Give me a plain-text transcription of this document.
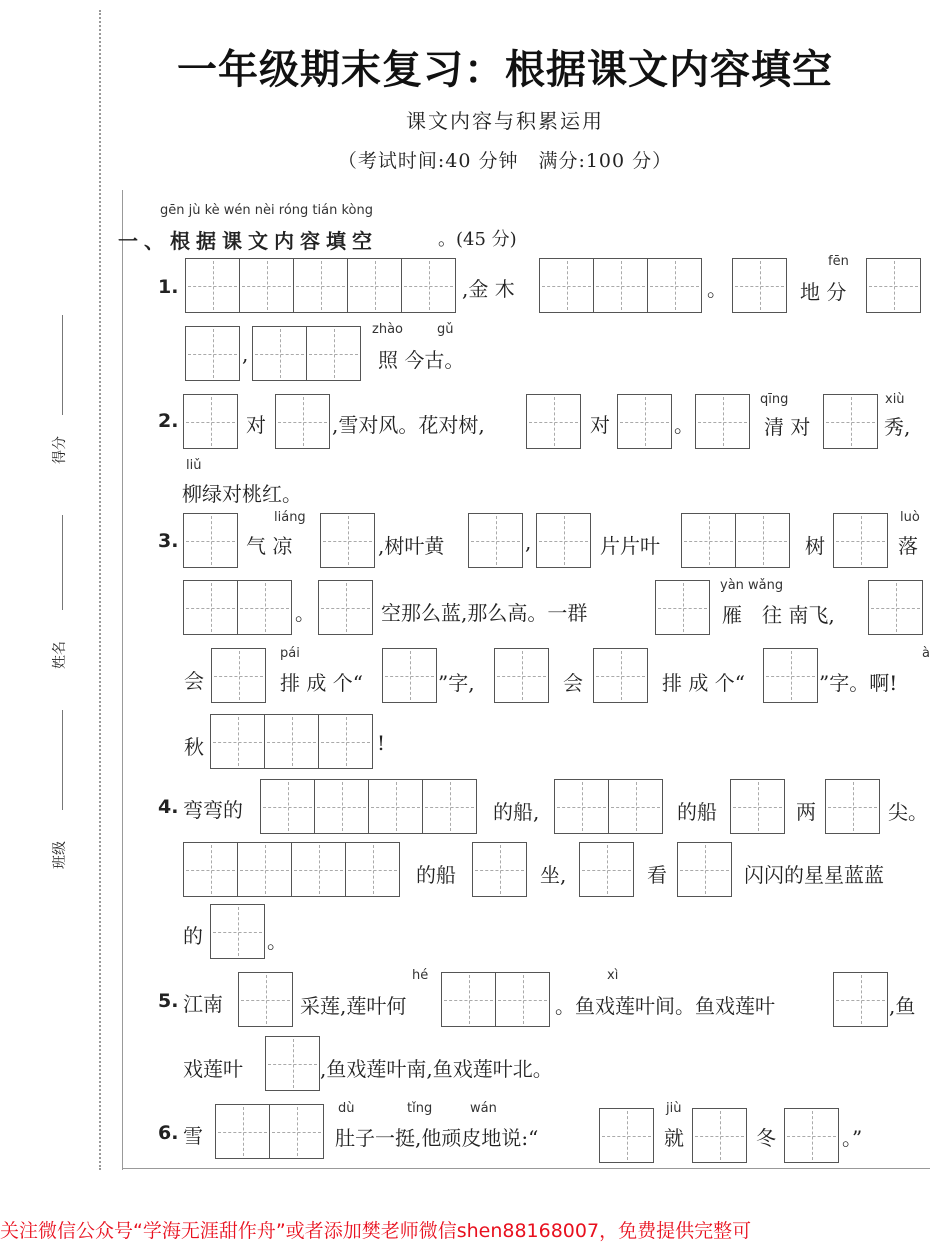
得分
姓名
班级
一年级期末复习：根据课文内容填空
课文内容与积累运用
（考试时间:40 分钟　满分:100 分）
gēn jù kè wén nèi róng tián kòng
一、根据课文内容填空	。(45 分)
1.	,金 木	。
fēn
地 分
,
zhào	gǔ
照 今古。
2.	对	,雪对风。花对树,	对	。
qīng	xiù
清 对	秀,
liǔ
柳绿对桃红。
3.
liáng
气 凉	,树叶黄	,	片片叶	树
luò
落
。	空那么蓝,那么高。一群
yàn wǎng
雁　往 南飞,
会
pái
排 成 个“	”字,	会	排 成 个“
à
”字。啊!
秋	!
4. 弯弯的	的船,	的船	两	尖。
的船	坐,	看	闪闪的星星蓝蓝
的	。
5. 江南	采莲,莲叶何
hé	xì
。鱼戏莲叶间。鱼戏莲叶	,鱼
戏莲叶	,鱼戏莲叶南,鱼戏莲叶北。
6. 雪
dù	tǐng	wán
肚子一挺,他顽皮地说:“
jiù
就	冬	。”
关注微信公众号“学海无涯甜作舟”或者添加樊老师微信shen88168007，免费提供完整可
